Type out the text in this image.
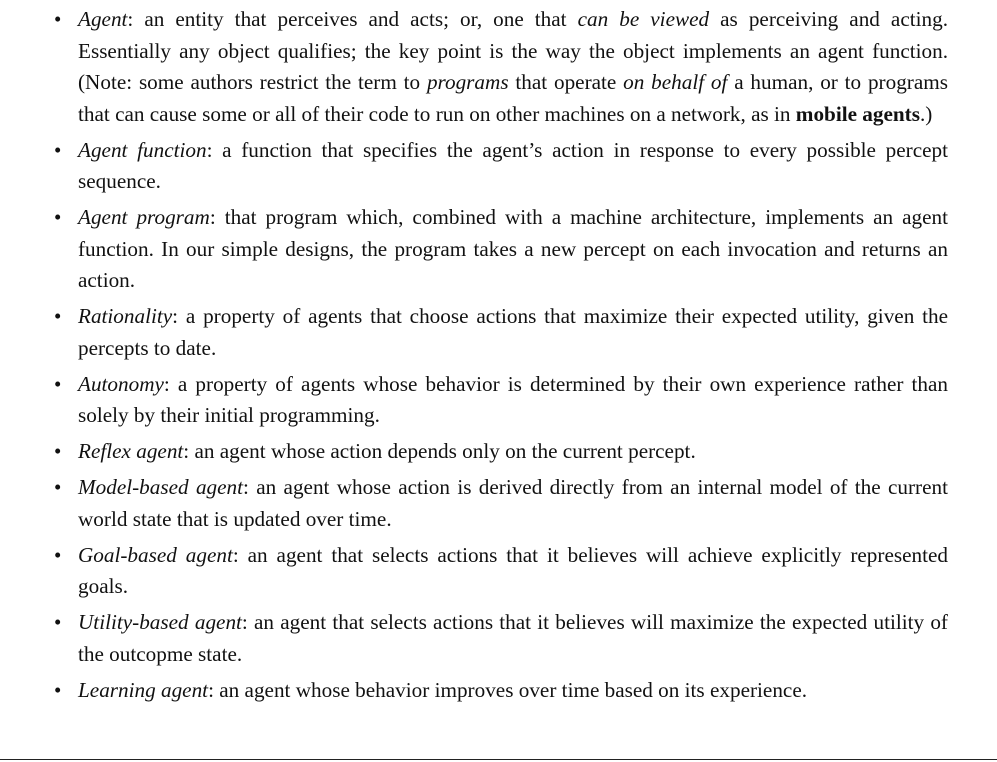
• Agent: an entity that perceives and acts; or, one that can be viewed as perceiving and acting. Essentially any object qualifies; the key point is the way the object implements an agent function. (Note: some authors restrict the term to programs that operate on behalf of a human, or to programs that can cause some or all of their code to run on other machines on a network, as in mobile agents.)
• Agent function: a function that specifies the agent’s action in response to every possible percept sequence.
• Agent program: that program which, combined with a machine architecture, implements an agent function. In our simple designs, the program takes a new percept on each invocation and returns an action.
• Rationality: a property of agents that choose actions that maximize their expected utility, given the percepts to date.
• Autonomy: a property of agents whose behavior is determined by their own experience rather than solely by their initial programming.
• Reflex agent: an agent whose action depends only on the current percept.
• Model-based agent: an agent whose action is derived directly from an internal model of the current world state that is updated over time.
• Goal-based agent: an agent that selects actions that it believes will achieve explicitly represented goals.
• Utility-based agent: an agent that selects actions that it believes will maximize the expected utility of the outcopme state.
• Learning agent: an agent whose behavior improves over time based on its experience.
